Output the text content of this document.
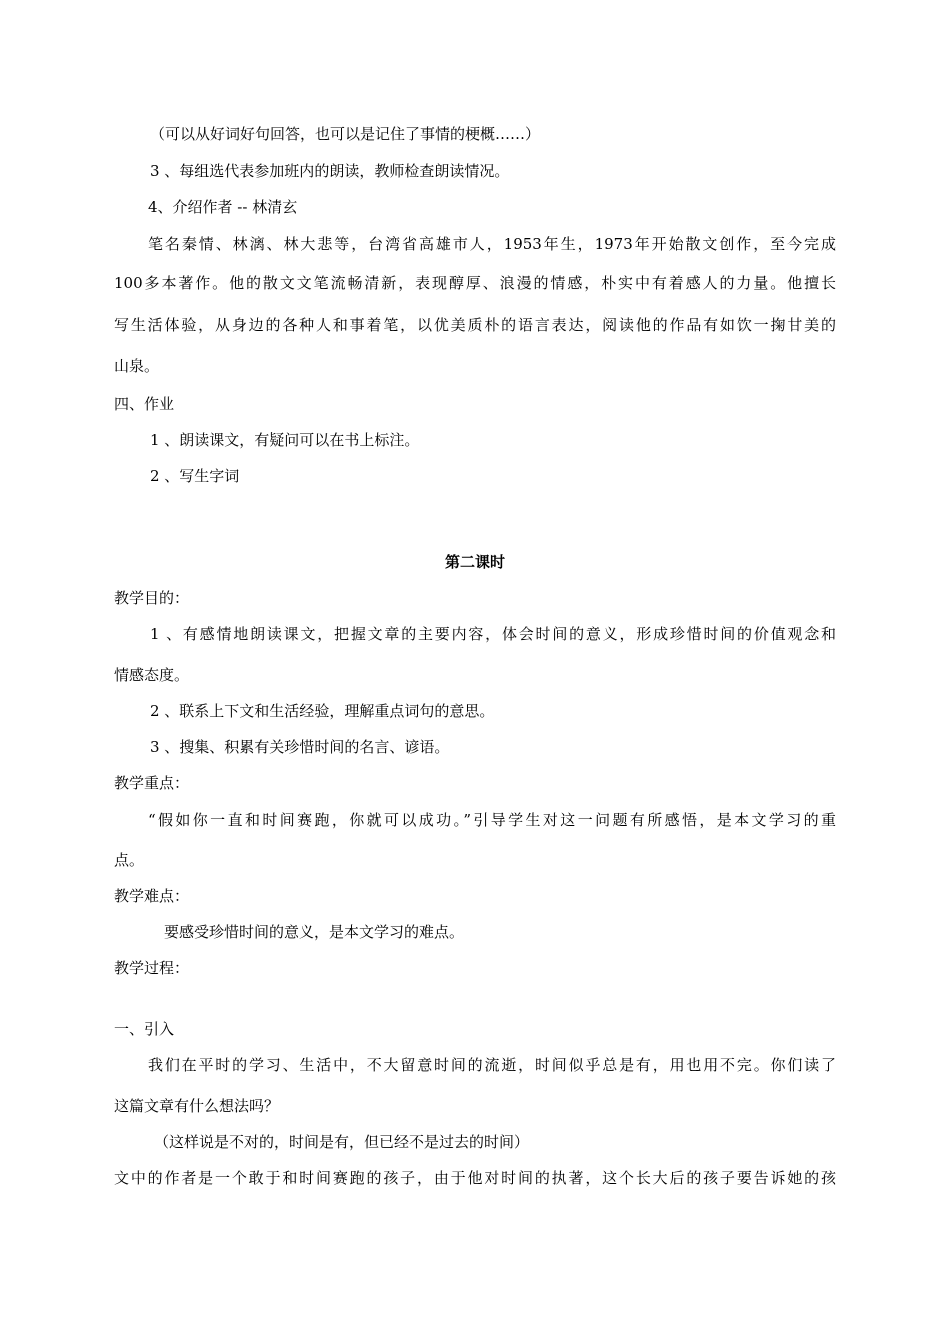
（可以从好词好句回答，也可以是记住了事情的梗概……）
3 、每组选代表参加班内的朗读，教师检查朗读情况。
4、介绍作者 -- 林清玄
笔名秦情、林漓、林大悲等，台湾省高雄市人，1953年生，1973年开始散文创作，至今完成
100多本著作。他的散文文笔流畅清新，表现醇厚、浪漫的情感，朴实中有着感人的力量。他擅长
写生活体验，从身边的各种人和事着笔，以优美质朴的语言表达，阅读他的作品有如饮一掬甘美的
山泉。
四、作业
1 、朗读课文，有疑问可以在书上标注。
2 、写生字词
第二课时
教学目的：
1 、有感情地朗读课文，把握文章的主要内容，体会时间的意义，形成珍惜时间的价值观念和
情感态度。
2 、联系上下文和生活经验，理解重点词句的意思。
3 、搜集、积累有关珍惜时间的名言、谚语。
教学重点：
“假如你一直和时间赛跑，你就可以成功。”引导学生对这一问题有所感悟，是本文学习的重
点。
教学难点：
要感受珍惜时间的意义，是本文学习的难点。
教学过程：
一、引入
我们在平时的学习、生活中，不大留意时间的流逝，时间似乎总是有，用也用不完。你们读了
这篇文章有什么想法吗？
（这样说是不对的，时间是有，但已经不是过去的时间）
文中的作者是一个敢于和时间赛跑的孩子，由于他对时间的执著，这个长大后的孩子要告诉她的孩
